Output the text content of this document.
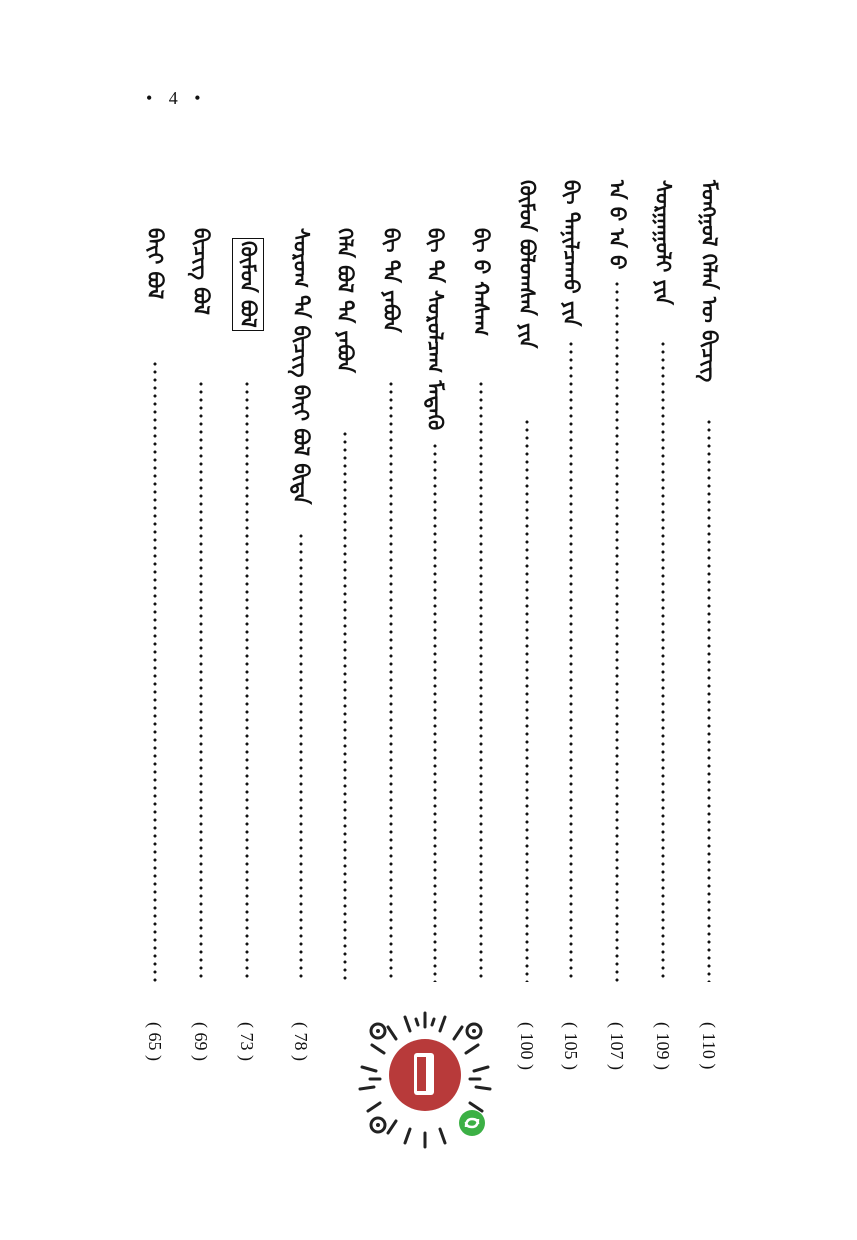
• 4 •
ᠮᠣᠩᠭᠣᠯ ᠬᠡᠯᠡᠨ ᠦ ᠪᠢᠴᠢᠭ
( 110 )
ᠰᠤᠷᠭᠠᠭᠤᠯᠢ ᠶᠢᠨ
( 109 )
ᠠ ᠪ ᠠ ᠪ
( 107 )
ᠪᠢ ᠲᠠᠨᠢᠯᠴᠠᠬᠤ ᠶᠢᠨ
( 105 )
ᠬᠦᠮᠦᠨ ᠪᠣᠯᠤᠭᠰᠠᠨ ᠶᠢᠨ
( 100 )
ᠪᠢ ᠪ ᠬᠠᠰᠠᠭ
ᠪᠢ ᠲᠠ ᠰᠤᠷᠤᠯᠴᠠᠭ ᠮᠡᠳᠡᠬᠦ
ᠪᠢ ᠲᠠ ᠶᠠᠪᠤᠨ
ᠬᠡᠯᠡ ᠪᠣᠯ ᠲᠠ ᠶᠠᠪᠤᠨ
ᠰᠤᠷᠤᠭ ᠲᠠ ᠪᠢᠴᠢᠭ ᠪᠠᠶ᠋ᠢ ᠪᠣᠯ ᠪᠢᠳᠡ
( 78 )
ᠬᠦᠮᠦᠨ ᠪᠣᠯ
( 73 )
ᠪᠢᠴᠢᠭ ᠪᠣᠯ
( 69 )
ᠪᠠᠶ᠋ᠢ ᠪᠣᠯ
( 65 )
